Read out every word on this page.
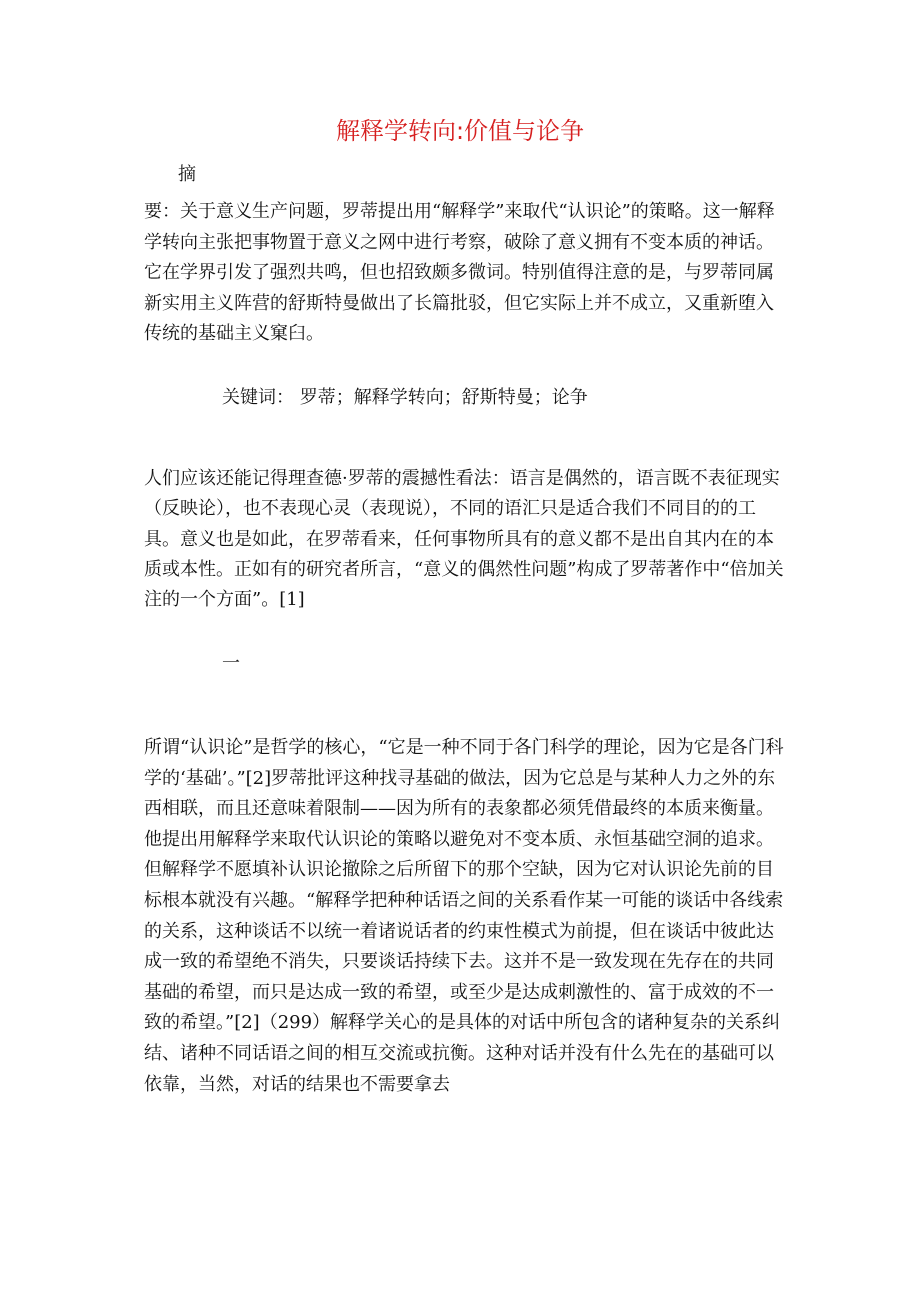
解释学转向:价值与论争

摘

要：关于意义生产问题，罗蒂提出用“解释学”来取代“认识论”的策略。这一解释学转向主张把事物置于意义之网中进行考察，破除了意义拥有不变本质的神话。它在学界引发了强烈共鸣，但也招致颇多微词。特别值得注意的是，与罗蒂同属新实用主义阵营的舒斯特曼做出了长篇批驳，但它实际上并不成立，又重新堕入传统的基础主义窠臼。

关键词： 罗蒂；解释学转向；舒斯特曼；论争

人们应该还能记得理查德·罗蒂的震撼性看法：语言是偶然的，语言既不表征现实（反映论），也不表现心灵（表现说），不同的语汇只是适合我们不同目的的工具。意义也是如此，在罗蒂看来，任何事物所具有的意义都不是出自其内在的本质或本性。正如有的研究者所言，“意义的偶然性问题”构成了罗蒂著作中“倍加关注的一个方面”。[1]

一

所谓“认识论”是哲学的核心，“它是一种不同于各门科学的理论，因为它是各门科学的‘基础’。”[2]罗蒂批评这种找寻基础的做法，因为它总是与某种人力之外的东西相联，而且还意味着限制——因为所有的表象都必须凭借最终的本质来衡量。他提出用解释学来取代认识论的策略以避免对不变本质、永恒基础空洞的追求。但解释学不愿填补认识论撤除之后所留下的那个空缺，因为它对认识论先前的目标根本就没有兴趣。“解释学把种种话语之间的关系看作某一可能的谈话中各线索的关系，这种谈话不以统一着诸说话者的约束性模式为前提，但在谈话中彼此达成一致的希望绝不消失，只要谈话持续下去。这并不是一致发现在先存在的共同基础的希望，而只是达成一致的希望，或至少是达成刺激性的、富于成效的不一致的希望。”[2]（299）解释学关心的是具体的对话中所包含的诸种复杂的关系纠结、诸种不同话语之间的相互交流或抗衡。这种对话并没有什么先在的基础可以依靠，当然，对话的结果也不需要拿去
